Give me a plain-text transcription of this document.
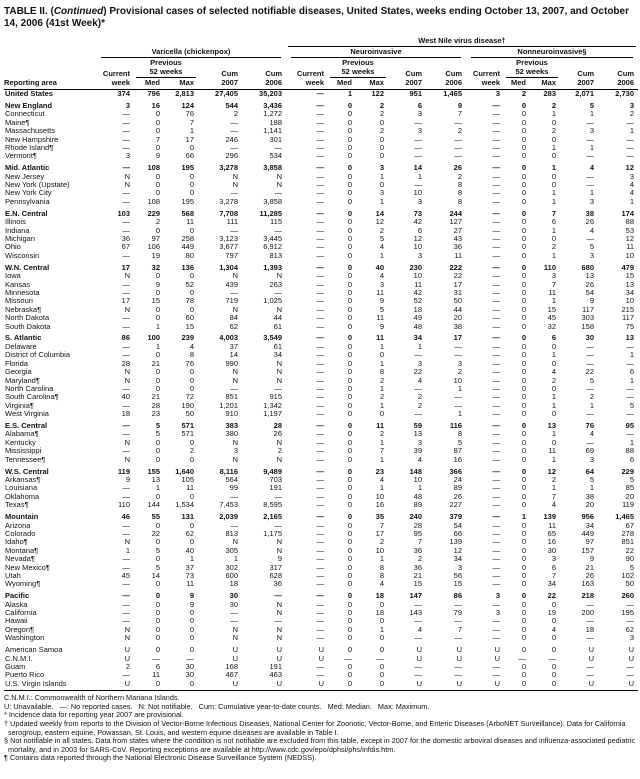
TABLE II. (Continued) Provisional cases of selected notifiable diseases, United States, weeks ending October 13, 2007, and October 14, 2006 (41st Week)*

Reporting area						West Nile virus disease†									

	Varicella (chickenpox)					Neuroinvasive					Nonneuroinvasive§				

		Previous					Previous					Previous			
	Current	52 weeks		Cum	Cum	Current	52 weeks		Cum	Cum	Current	52 weeks		Cum	Cum
	week	Med	Max	2007	2006	week	Med	Max	2007	2006	week	Med	Max	2007	2006
United States	374	796	2,813	27,405	35,203	—	1	122	951	1,465	3	2	283	2,071	2,730

New England	3	16	124	544	3,436	—	0	2	6	9	—	0	2	5	3
Connecticut	—	0	76	2	1,272	—	0	2	3	7	—	0	1	1	2
Maine¶	—	0	7	—	188	—	0	0	—	—	—	0	0	—	—
Massachusetts	—	0	1	—	1,141	—	0	2	3	2	—	0	2	3	1
New Hampshire	—	7	17	246	301	—	0	0	—	—	—	0	0	—	—
Rhode Island¶	—	0	0	—	—	—	0	0	—	—	—	0	1	1	—
Vermont¶	3	9	66	296	534	—	0	0	—	—	—	0	0	—	—

Mid. Atlantic	—	108	195	3,278	3,858	—	0	3	14	26	—	0	1	4	12
New Jersey	N	0	0	N	N	—	0	1	1	2	—	0	0	—	3
New York (Upstate)	N	0	0	N	N	—	0	0	—	8	—	0	0	—	4
New York City	—	0	0	—	—	—	0	3	10	8	—	0	1	1	4
Pennsylvania	—	108	195	3,278	3,858	—	0	1	3	8	—	0	1	3	1

E.N. Central	103	229	568	7,708	11,285	—	0	14	73	244	—	0	7	38	174
Illinois	—	2	11	111	115	—	0	12	42	127	—	0	6	26	88
Indiana	—	0	0	—	—	—	0	2	6	27	—	0	1	4	53
Michigan	36	97	258	3,123	3,445	—	0	5	12	43	—	0	0	—	12
Ohio	67	106	449	3,677	6,912	—	0	4	10	36	—	0	2	5	11
Wisconsin	—	19	80	797	813	—	0	1	3	11	—	0	1	3	10

W.N. Central	17	32	136	1,304	1,393	—	0	40	230	222	—	0	110	680	479
Iowa	N	0	0	N	N	—	0	4	10	22	—	0	3	13	15
Kansas	—	9	52	439	263	—	0	3	11	17	—	0	7	26	13
Minnesota	—	0	0	—	—	—	0	11	42	31	—	0	11	54	34
Missouri	17	15	78	719	1,025	—	0	9	52	50	—	0	1	9	10
Nebraska¶	N	0	0	N	N	—	0	5	18	44	—	0	15	117	215
North Dakota	—	0	60	84	44	—	0	11	49	20	—	0	45	303	117
South Dakota	—	1	15	62	61	—	0	9	48	38	—	0	32	158	75

S. Atlantic	86	100	239	4,003	3,549	—	0	11	34	17	—	0	6	30	13
Delaware	—	1	4	37	61	—	0	1	1	—	—	0	0	—	—
District of Columbia	—	0	8	14	34	—	0	0	—	—	—	0	1	—	1
Florida	28	21	76	990	N	—	0	1	3	3	—	0	0	—	—
Georgia	N	0	0	N	N	—	0	8	22	2	—	0	4	22	6
Maryland¶	N	0	0	N	N	—	0	2	4	10	—	0	2	5	1
North Carolina	—	0	0	—	—	—	0	1	—	1	—	0	0	—	—
South Carolina¶	40	21	72	851	915	—	0	2	2	—	—	0	1	2	—
Virginia¶	—	28	190	1,201	1,342	—	0	1	2	—	—	0	1	1	5
West Virginia	18	23	50	910	1,197	—	0	0	—	1	—	0	0	—	—

E.S. Central	—	5	571	383	28	—	0	11	59	116	—	0	13	76	95
Alabama¶	—	5	571	380	26	—	0	2	13	8	—	0	1	4	—
Kentucky	N	0	0	N	N	—	0	1	3	5	—	0	0	—	1
Mississippi	—	0	2	3	2	—	0	7	39	87	—	0	11	69	88
Tennessee¶	N	0	0	N	N	—	0	1	4	16	—	0	1	3	6

W.S. Central	119	155	1,640	8,116	9,489	—	0	23	148	366	—	0	12	64	229
Arkansas¶	9	13	105	564	703	—	0	4	10	24	—	0	2	5	5
Louisiana	—	1	11	99	191	—	0	1	1	89	—	0	1	1	85
Oklahoma	—	0	0	—	—	—	0	10	48	26	—	0	7	38	20
Texas¶	110	144	1,534	7,453	8,595	—	0	16	89	227	—	0	4	20	119

Mountain	46	55	131	2,039	2,165	—	0	35	240	379	—	1	139	956	1,465
Arizona	—	0	0	—	—	—	0	7	28	54	—	0	11	34	67
Colorado	—	22	62	813	1,175	—	0	17	95	66	—	0	65	449	278
Idaho¶	N	0	0	N	N	—	0	2	7	139	—	0	16	97	851
Montana¶	1	5	40	305	N	—	0	10	36	12	—	0	30	157	22
Nevada¶	—	0	1	1	9	—	0	1	2	34	—	0	3	9	90
New Mexico¶	—	5	37	302	317	—	0	8	36	3	—	0	6	21	5
Utah	45	14	73	600	628	—	0	8	21	56	—	0	7	26	102
Wyoming¶	—	0	11	18	36	—	0	4	15	15	—	0	34	163	50

Pacific	—	0	9	30	—	—	0	18	147	86	3	0	22	218	260
Alaska	—	0	9	30	N	—	0	0	—	—	—	0	0	—	—
California	—	0	0	—	N	—	0	18	143	79	3	0	19	200	195
Hawaii	—	0	0	—	—	—	0	0	—	—	—	0	0	—	—
Oregon¶	N	0	0	N	N	—	0	1	4	7	—	0	4	18	62
Washington	N	0	0	N	N	—	0	0	—	—	—	0	0	—	3

American Samoa	U	0	0	U	U	U	0	0	U	U	U	0	0	U	U
C.N.M.I.	U	—	—	U	U	U	—	—	U	U	U	—	—	U	U
Guam	2	6	30	168	191	—	0	0	—	—	—	0	0	—	—
Puerto Rico	—	11	30	467	463	—	0	0	—	—	—	0	0	—	—
U.S. Virgin Islands	U	0	0	U	U	U	0	0	U	U	U	0	0	U	U
C.N.M.I.: Commonwealth of Northern Mariana Islands.
U: Unavailable.   —: No reported cases.   N: Not notifiable.   Cum: Cumulative year-to-date counts.   Med: Median.   Max: Maximum.
* Incidence data for reporting year 2007 are provisional.
† Updated weekly from reports to the Division of Vector-Borne Infectious Diseases, National Center for Zoonotic, Vector-Borne, and Enteric Diseases (ArboNET Surveillance). Data for California serogroup, eastern equine, Powassan, St. Louis, and western equine diseases are available in Table I.
§ Not notifiable in all states. Data from states where the condition is not notifiable are excluded from this table, except in 2007 for the domestic arboviral diseases and influenza-associated pediatric mortality, and in 2003 for SARS-CoV. Reporting exceptions are available at http://www.cdc.gov/epo/dphsi/phs/infdis.htm.
¶ Contains data reported through the National Electronic Disease Surveillance System (NEDSS).
